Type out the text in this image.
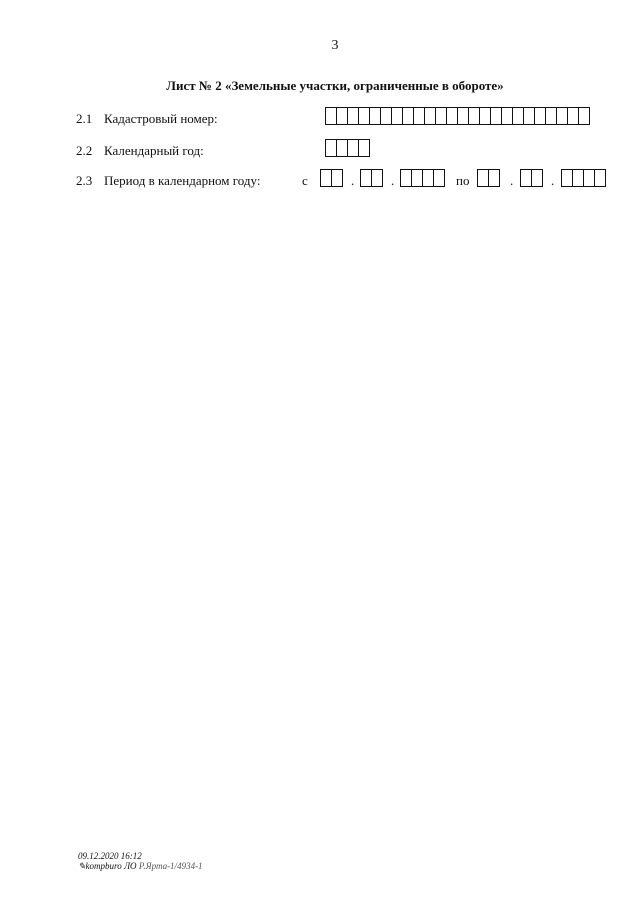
3
Лист № 2 «Земельные участки, ограниченные в обороте»
2.1 Кадастровый номер:
2.2 Календарный год:
2.3 Период в календарном году:	с	.	.	по	.	.
09.12.2020 16:12
✎kompburo ЛО Р.Ярта-1/4934-1
